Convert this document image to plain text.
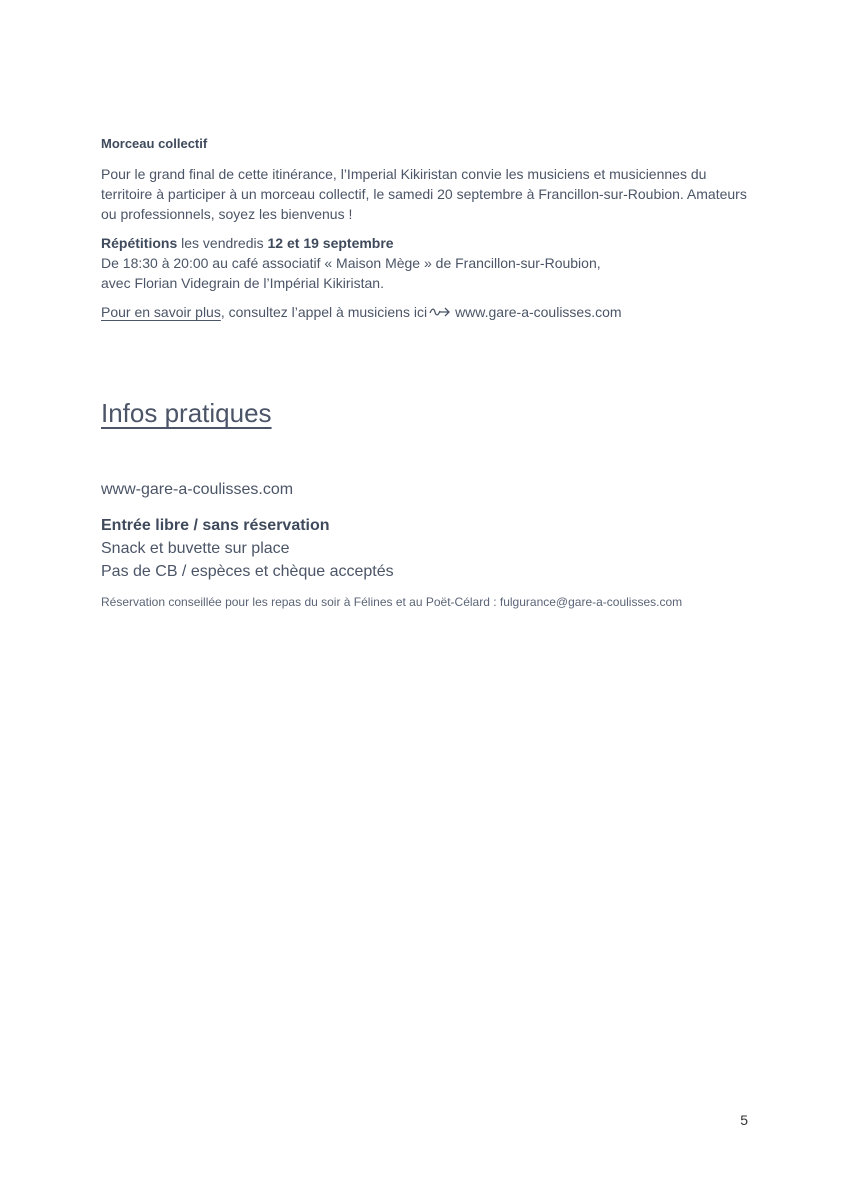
Morceau collectif

Pour le grand final de cette itinérance, l’Imperial Kikiristan convie les musiciens et musiciennes du territoire à participer à un morceau collectif, le samedi 20 septembre à Francillon-sur-Roubion. Amateurs ou professionnels, soyez les bienvenus !

Répétitions les vendredis 12 et 19 septembre
De 18:30 à 20:00 au café associatif « Maison Mège » de Francillon-sur-Roubion,
avec Florian Videgrain de l’Impérial Kikiristan.

Pour en savoir plus, consultez l’appel à musiciens ici www.gare-a-coulisses.com

Infos pratiques

www-gare-a-coulisses.com

Entrée libre / sans réservation
Snack et buvette sur place
Pas de CB / espèces et chèque acceptés

Réservation conseillée pour les repas du soir à Félines et au Poët-Célard : fulgurance@gare-a-coulisses.com

5
